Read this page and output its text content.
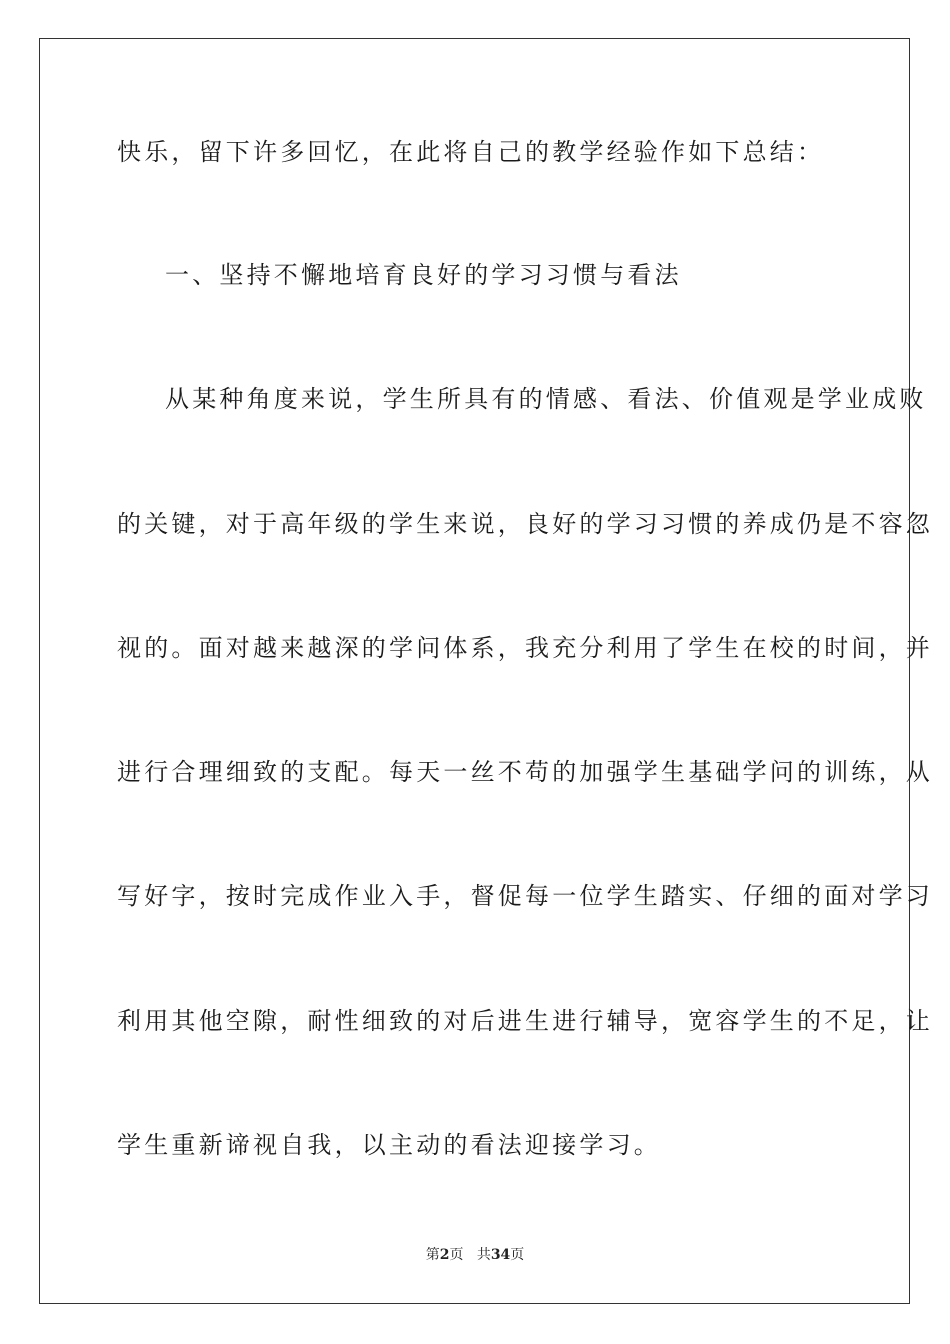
快乐，留下许多回忆，在此将自己的教学经验作如下总结：
一、坚持不懈地培育良好的学习习惯与看法
从某种角度来说，学生所具有的情感、看法、价值观是学业成败
的关键，对于高年级的学生来说，良好的学习习惯的养成仍是不容忽
视的。面对越来越深的学问体系，我充分利用了学生在校的时间，并
进行合理细致的支配。每天一丝不苟的加强学生基础学问的训练，从
写好字，按时完成作业入手，督促每一位学生踏实、仔细的面对学习
利用其他空隙，耐性细致的对后进生进行辅导，宽容学生的不足，让
学生重新谛视自我，以主动的看法迎接学习。
第2页 共34页
